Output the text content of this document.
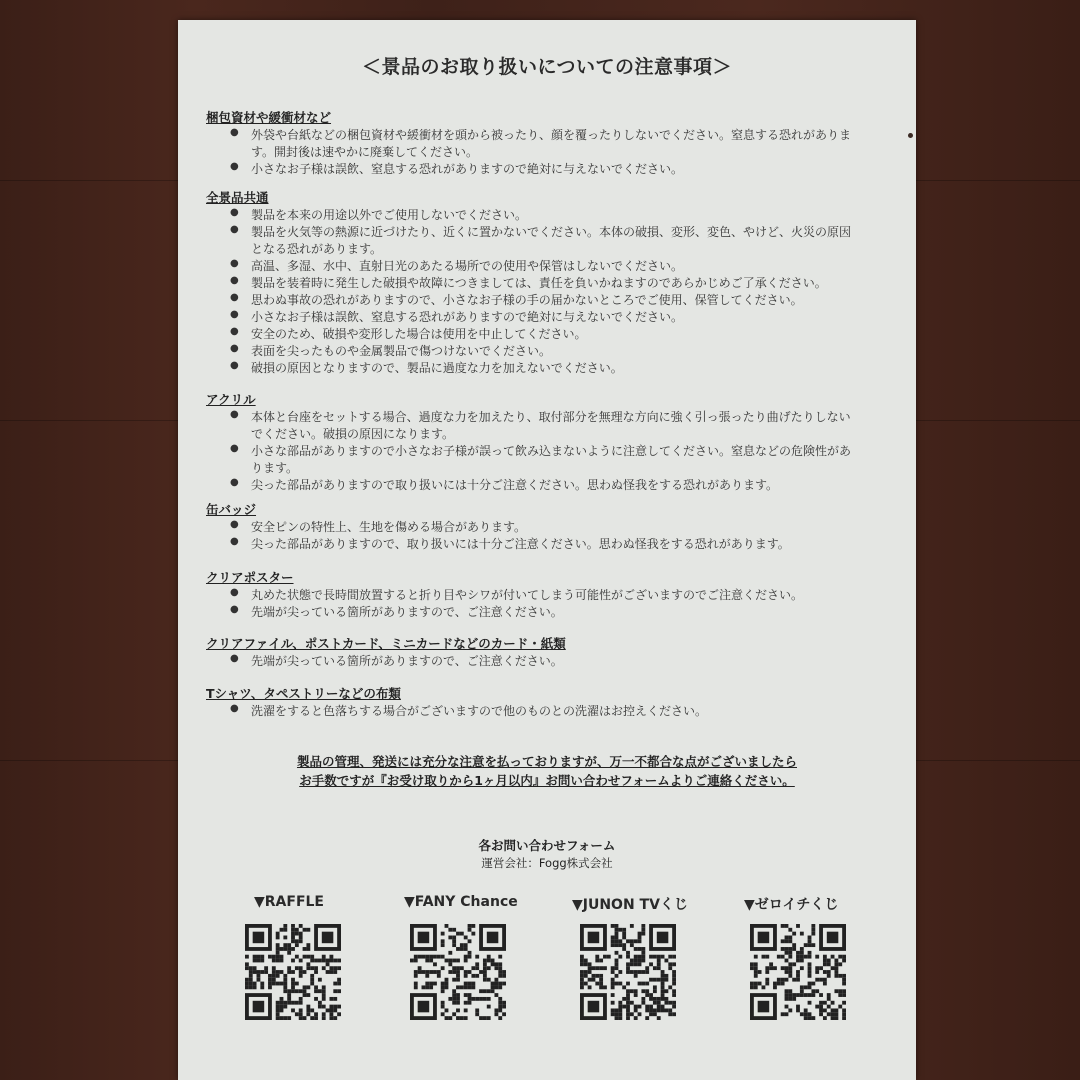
＜景品のお取り扱いについての注意事項＞
製品の管理、発送には充分な注意を払っておりますが、万一不都合な点がございましたら
お手数ですが『お受け取りから1ヶ月以内』お問い合わせフォームよりご連絡ください。
各お問い合わせフォーム
運営会社：Fogg株式会社
▼RAFFLE	▼FANY Chance	▼JUNON TVくじ	▼ゼロイチくじ
梱包資材や緩衝材など
● 外袋や台紙などの梱包資材や緩衝材を頭から被ったり、顔を覆ったりしないでください。窒息する恐れがありま
す。開封後は速やかに廃棄してください。
● 小さなお子様は誤飲、窒息する恐れがありますので絶対に与えないでください。
全景品共通
● 製品を本来の用途以外でご使用しないでください。
● 製品を火気等の熱源に近づけたり、近くに置かないでください。本体の破損、変形、変色、やけど、火災の原因
となる恐れがあります。
● 高温、多湿、水中、直射日光のあたる場所での使用や保管はしないでください。
● 製品を装着時に発生した破損や故障につきましては、責任を負いかねますのであらかじめご了承ください。
● 思わぬ事故の恐れがありますので、小さなお子様の手の届かないところでご使用、保管してください。
● 小さなお子様は誤飲、窒息する恐れがありますので絶対に与えないでください。
● 安全のため、破損や変形した場合は使用を中止してください。
● 表面を尖ったものや金属製品で傷つけないでください。
● 破損の原因となりますので、製品に過度な力を加えないでください。
アクリル
● 本体と台座をセットする場合、過度な力を加えたり、取付部分を無理な方向に強く引っ張ったり曲げたりしない
でください。破損の原因になります。
● 小さな部品がありますので小さなお子様が誤って飲み込まないように注意してください。窒息などの危険性があ
ります。
● 尖った部品がありますので取り扱いには十分ご注意ください。思わぬ怪我をする恐れがあります。
缶バッジ
● 安全ピンの特性上、生地を傷める場合があります。
● 尖った部品がありますので、取り扱いには十分ご注意ください。思わぬ怪我をする恐れがあります。
クリアポスター
● 丸めた状態で長時間放置すると折り目やシワが付いてしまう可能性がございますのでご注意ください。
● 先端が尖っている箇所がありますので、ご注意ください。
クリアファイル、ポストカード、ミニカードなどのカード・紙類
● 先端が尖っている箇所がありますので、ご注意ください。
Tシャツ、タペストリーなどの布類
● 洗濯をすると色落ちする場合がございますので他のものとの洗濯はお控えください。
